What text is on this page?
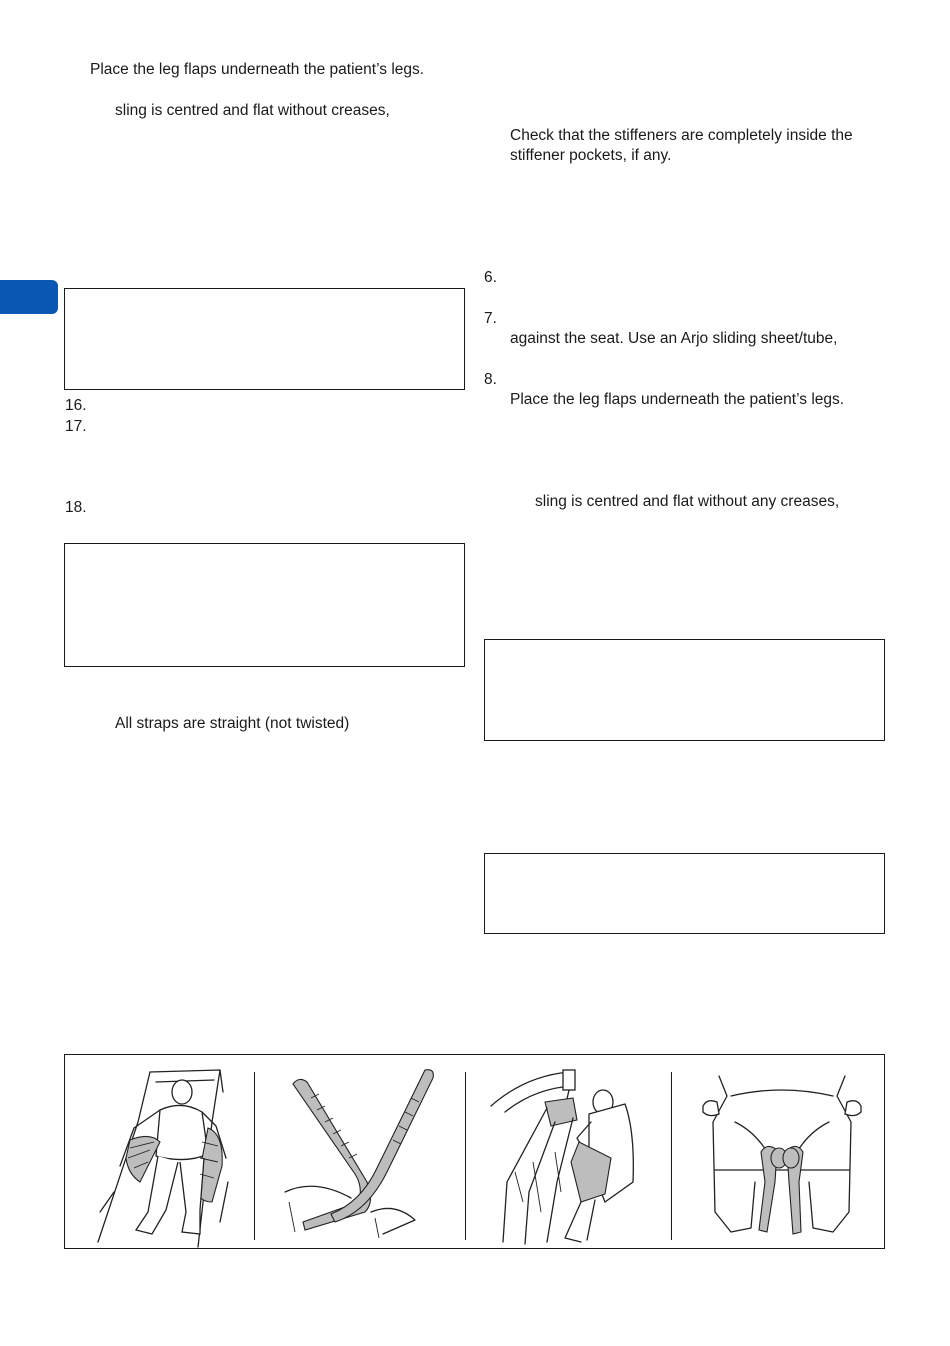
Place the leg flaps underneath the patient’s legs.
sling is centred and flat without creases,
16.
17.
18.
All straps are straight (not twisted)
Check that the stiffeners are completely inside the
stiffener pockets, if any.
6.
7.
against the seat. Use an Arjo sliding sheet/tube,
8.
Place the leg flaps underneath the patient’s legs.
sling is centred and flat without any creases,
